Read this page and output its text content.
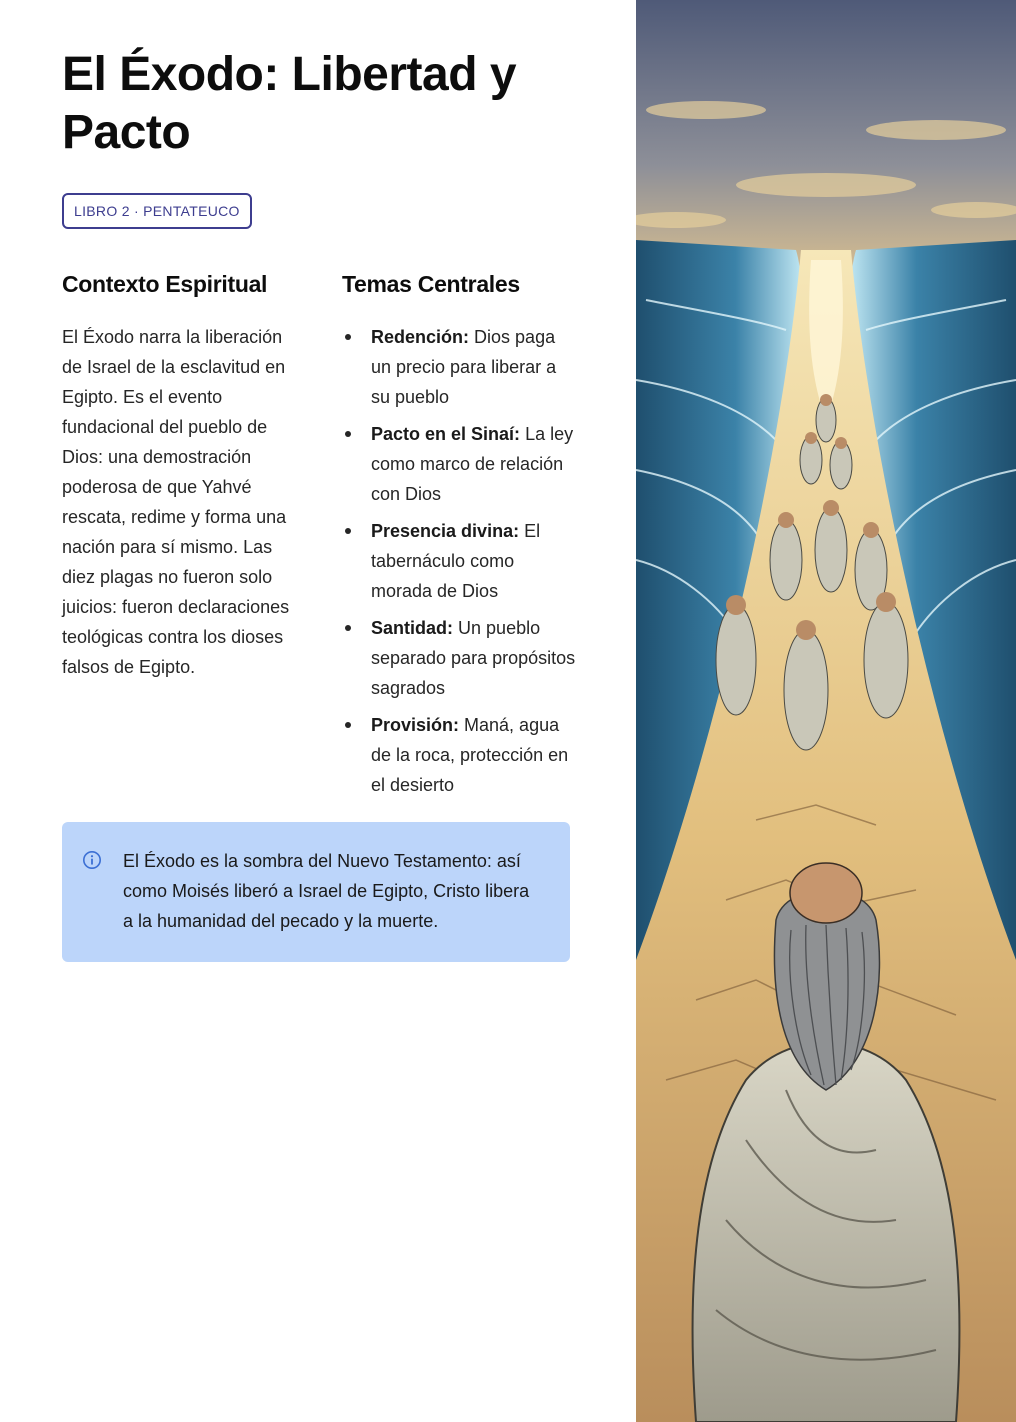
El Éxodo: Libertad y Pacto
LIBRO 2 · PENTATEUCO
Contexto Espiritual

El Éxodo narra la liberación de Israel de la esclavitud en Egipto. Es el evento fundacional del pueblo de Dios: una demostración poderosa de que Yahvé rescata, redime y forma una nación para sí mismo. Las diez plagas no fueron solo juicios: fueron declaraciones teológicas contra los dioses falsos de Egipto.

Temas Centrales
Redención: Dios paga un precio para liberar a su pueblo
Pacto en el Sinaí: La ley como marco de relación con Dios
Presencia divina: El tabernáculo como morada de Dios
Santidad: Un pueblo separado para propósitos sagrados
Provisión: Maná, agua de la roca, protección en el desierto

El Éxodo es la sombra del Nuevo Testamento: así como Moisés liberó a Israel de Egipto, Cristo libera a la humanidad del pecado y la muerte.
